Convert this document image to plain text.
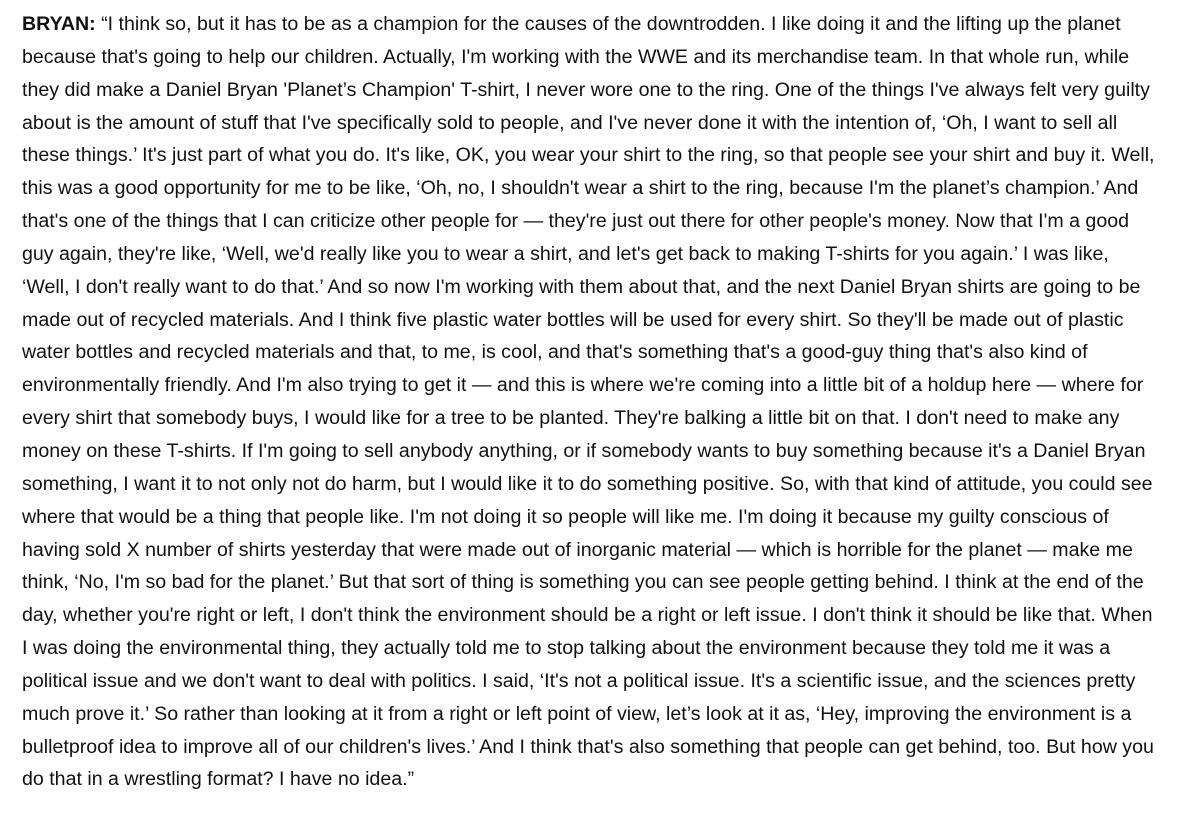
BRYAN: “I think so, but it has to be as a champion for the causes of the downtrodden. I like doing it and the lifting up the planet because that's going to help our children. Actually, I'm working with the WWE and its merchandise team. In that whole run, while they did make a Daniel Bryan 'Planet’s Champion' T-shirt, I never wore one to the ring. One of the things I've always felt very guilty about is the amount of stuff that I've specifically sold to people, and I've never done it with the intention of, ‘Oh, I want to sell all these things.’ It's just part of what you do. It's like, OK, you wear your shirt to the ring, so that people see your shirt and buy it. Well, this was a good opportunity for me to be like, ‘Oh, no, I shouldn't wear a shirt to the ring, because I'm the planet’s champion.’ And that's one of the things that I can criticize other people for — they're just out there for other people's money. Now that I'm a good guy again, they're like, ‘Well, we'd really like you to wear a shirt, and let's get back to making T-shirts for you again.’ I was like, ‘Well, I don't really want to do that.’ And so now I'm working with them about that, and the next Daniel Bryan shirts are going to be made out of recycled materials. And I think five plastic water bottles will be used for every shirt. So they'll be made out of plastic water bottles and recycled materials and that, to me, is cool, and that's something that's a good-guy thing that's also kind of environmentally friendly. And I'm also trying to get it — and this is where we're coming into a little bit of a holdup here — where for every shirt that somebody buys, I would like for a tree to be planted. They're balking a little bit on that. I don't need to make any money on these T-shirts. If I'm going to sell anybody anything, or if somebody wants to buy something because it's a Daniel Bryan something, I want it to not only not do harm, but I would like it to do something positive. So, with that kind of attitude, you could see where that would be a thing that people like. I'm not doing it so people will like me. I'm doing it because my guilty conscious of having sold X number of shirts yesterday that were made out of inorganic material — which is horrible for the planet — make me think, ‘No, I'm so bad for the planet.’ But that sort of thing is something you can see people getting behind. I think at the end of the day, whether you're right or left, I don't think the environment should be a right or left issue. I don't think it should be like that. When I was doing the environmental thing, they actually told me to stop talking about the environment because they told me it was a political issue and we don't want to deal with politics. I said, ‘It's not a political issue. It's a scientific issue, and the sciences pretty much prove it.’ So rather than looking at it from a right or left point of view, let’s look at it as, ‘Hey, improving the environment is a bulletproof idea to improve all of our children's lives.’ And I think that's also something that people can get behind, too. But how you do that in a wrestling format? I have no idea.”
